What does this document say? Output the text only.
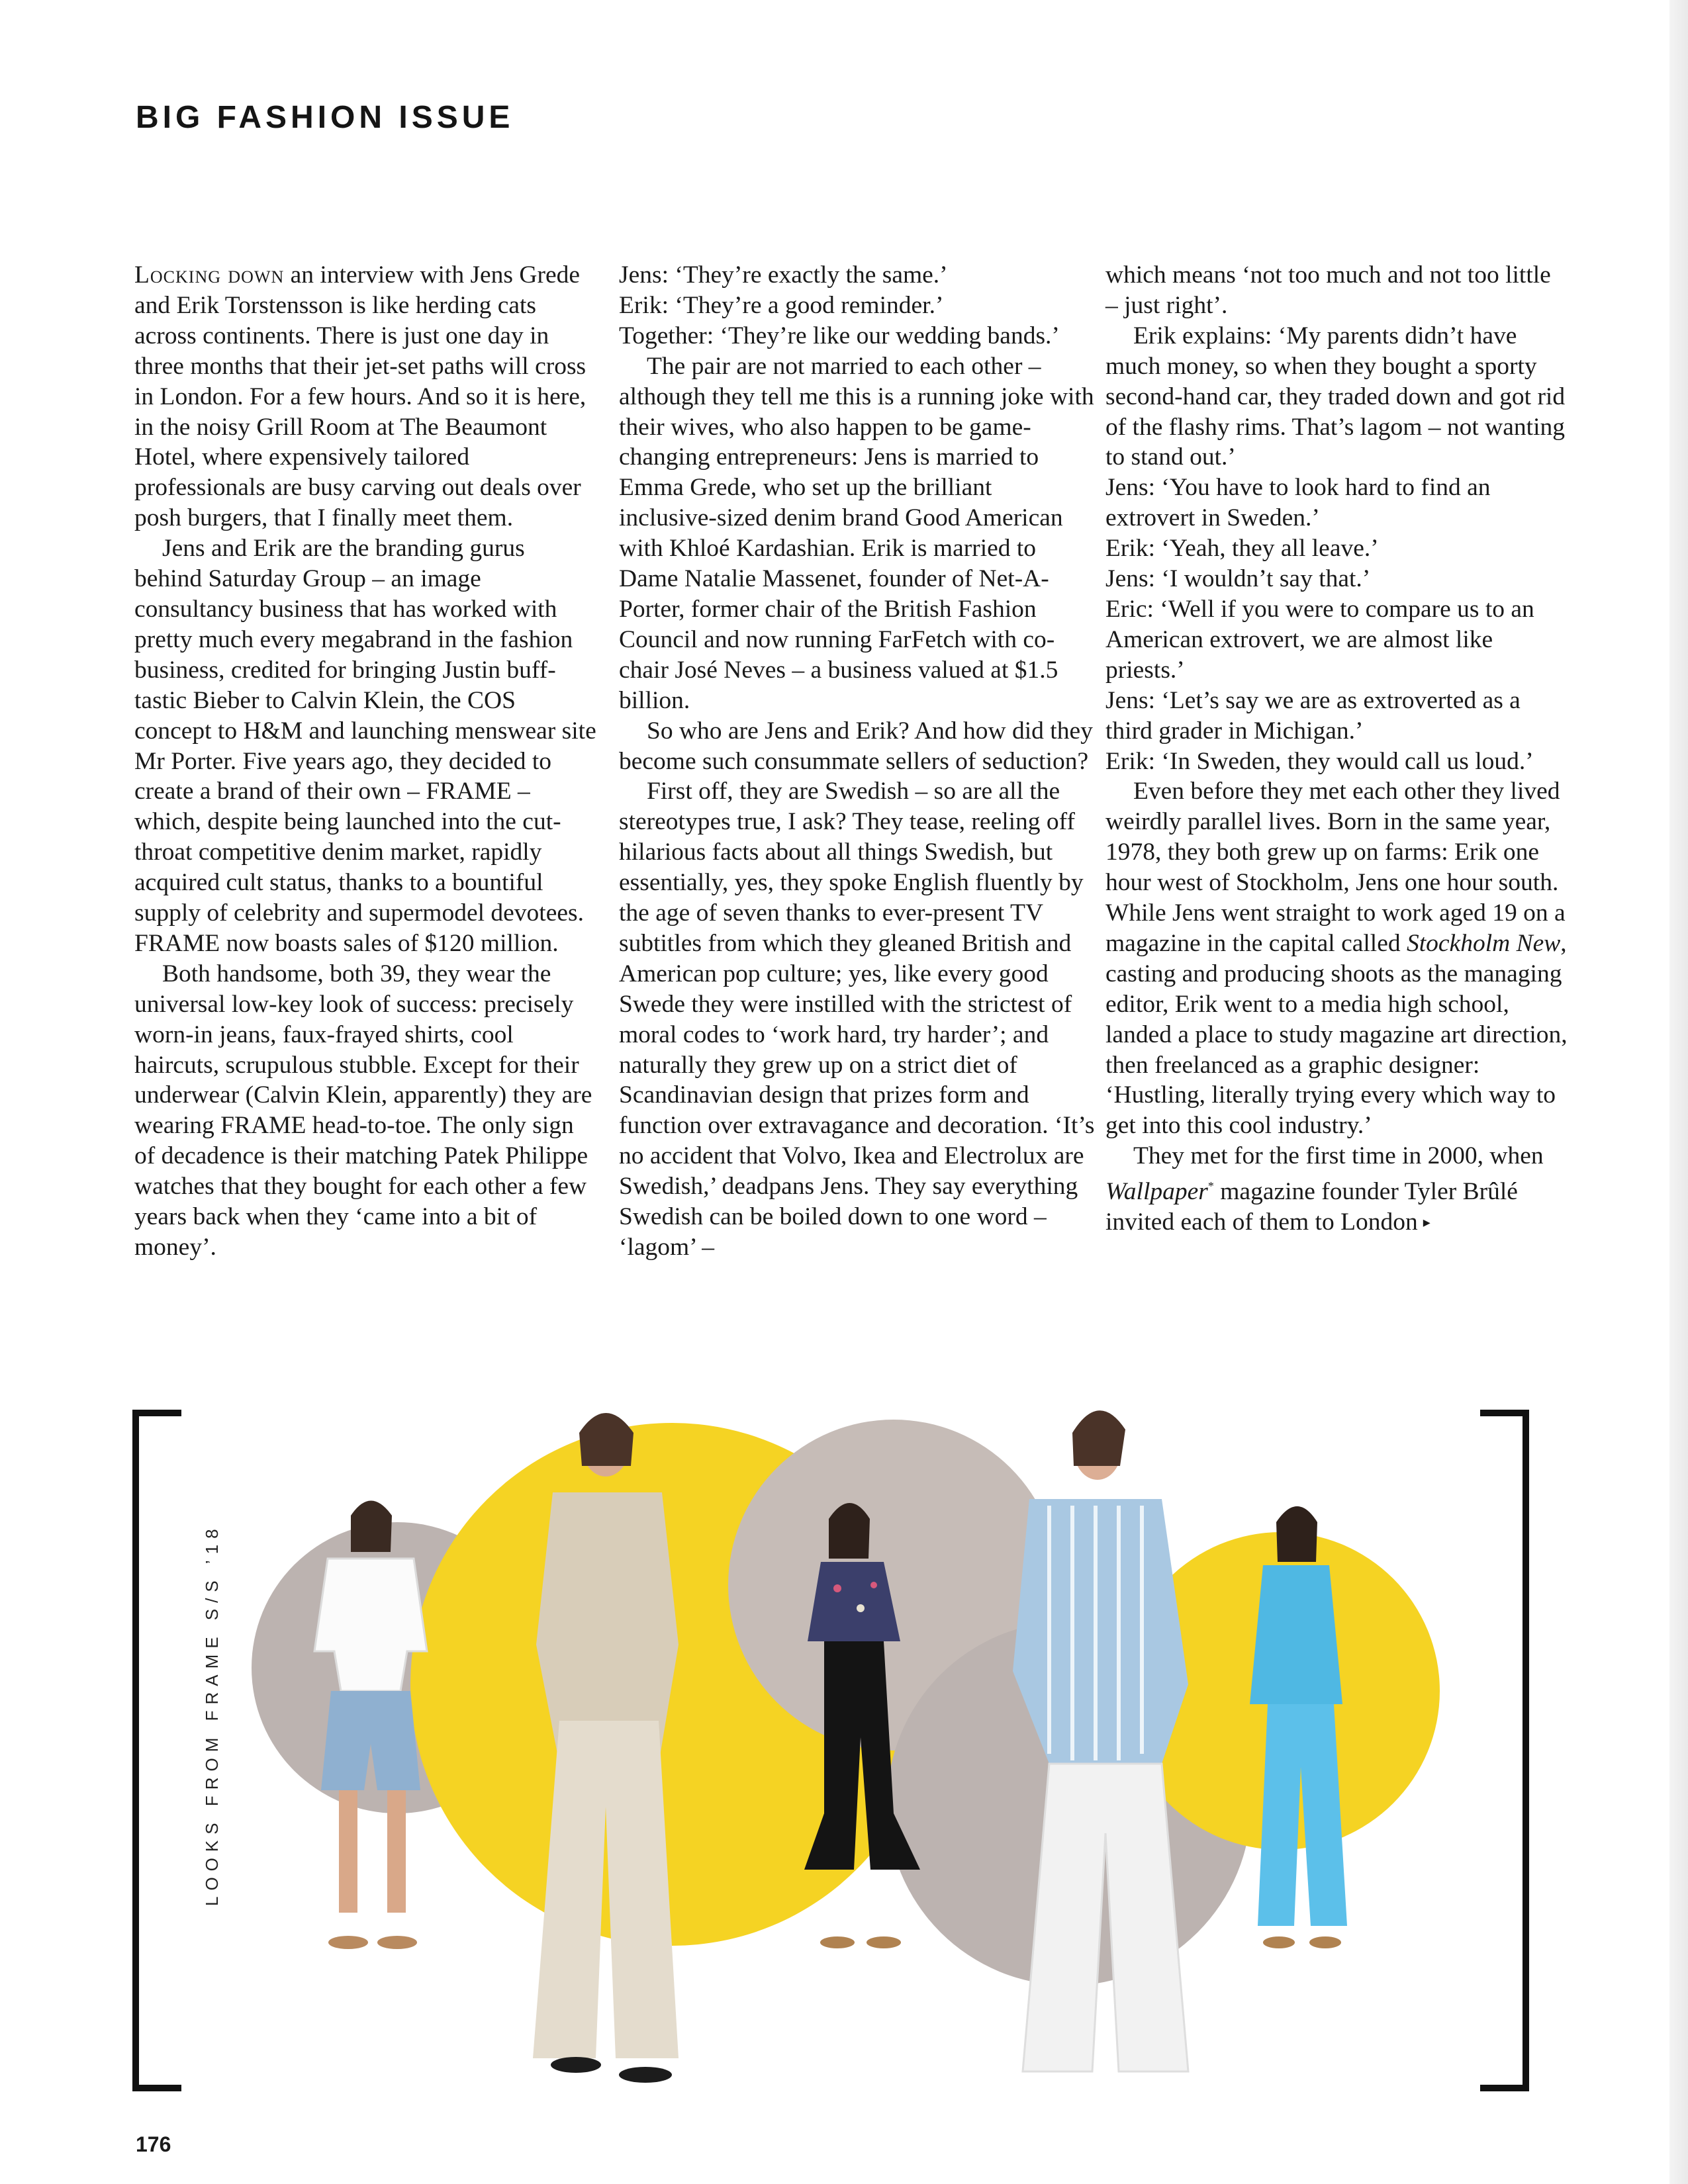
BIG FASHION ISSUE

Locking down an interview with Jens Grede and Erik Torstensson is like herding cats across continents. There is just one day in three months that their jet-set paths will cross in London. For a few hours. And so it is here, in the noisy Grill Room at The Beaumont Hotel, where expensively tailored professionals are busy carving out deals over posh burgers, that I finally meet them.

Jens and Erik are the branding gurus behind Saturday Group – an image consultancy business that has worked with pretty much every megabrand in the fashion business, credited for bringing Justin buff-tastic Bieber to Calvin Klein, the COS concept to H&M and launching menswear site Mr Porter. Five years ago, they decided to create a brand of their own – FRAME – which, despite being launched into the cut-throat competitive denim market, rapidly acquired cult status, thanks to a bountiful supply of celebrity and supermodel devotees. FRAME now boasts sales of $120 million.

Both handsome, both 39, they wear the universal low-key look of success: precisely worn-in jeans, faux-frayed shirts, cool haircuts, scrupulous stubble. Except for their underwear (Calvin Klein, apparently) they are wearing FRAME head-to-toe. The only sign of decadence is their matching Patek Philippe watches that they bought for each other a few years back when they ‘came into a bit of money’.

Jens: ‘They’re exactly the same.’

Erik: ‘They’re a good reminder.’

Together: ‘They’re like our wedding bands.’

The pair are not married to each other – although they tell me this is a running joke with their wives, who also happen to be game-changing entrepreneurs: Jens is married to Emma Grede, who set up the brilliant inclusive-sized denim brand Good American with Khloé Kardashian. Erik is married to Dame Natalie Massenet, founder of Net-A-Porter, former chair of the British Fashion Council and now running FarFetch with co-chair José Neves – a business valued at $1.5 billion.

So who are Jens and Erik? And how did they become such consummate sellers of seduction?

First off, they are Swedish – so are all the stereotypes true, I ask? They tease, reeling off hilarious facts about all things Swedish, but essentially, yes, they spoke English fluently by the age of seven thanks to ever-present TV subtitles from which they gleaned British and American pop culture; yes, like every good Swede they were instilled with the strictest of moral codes to ‘work hard, try harder’; and naturally they grew up on a strict diet of Scandinavian design that prizes form and function over extravagance and decoration. ‘It’s no accident that Volvo, Ikea and Electrolux are Swedish,’ deadpans Jens. They say everything Swedish can be boiled down to one word – ‘lagom’ –

which means ‘not too much and not too little – just right’.

Erik explains: ‘My parents didn’t have much money, so when they bought a sporty second-hand car, they traded down and got rid of the flashy rims. That’s lagom – not wanting to stand out.’

Jens: ‘You have to look hard to find an extrovert in Sweden.’

Erik: ‘Yeah, they all leave.’

Jens: ‘I wouldn’t say that.’

Eric: ‘Well if you were to compare us to an American extrovert, we are almost like priests.’

Jens: ‘Let’s say we are as extroverted as a third grader in Michigan.’

Erik: ‘In Sweden, they would call us loud.’

Even before they met each other they lived weirdly parallel lives. Born in the same year, 1978, they both grew up on farms: Erik one hour west of Stockholm, Jens one hour south. While Jens went straight to work aged 19 on a magazine in the capital called Stockholm New, casting and producing shoots as the managing editor, Erik went to a media high school, landed a place to study magazine art direction, then freelanced as a graphic designer: ‘Hustling, literally trying every which way to get into this cool industry.’

They met for the first time in 2000, when Wallpaper* magazine founder Tyler Brûlé invited each of them to London ▸

LOOKS FROM FRAME S/S ’18
176
